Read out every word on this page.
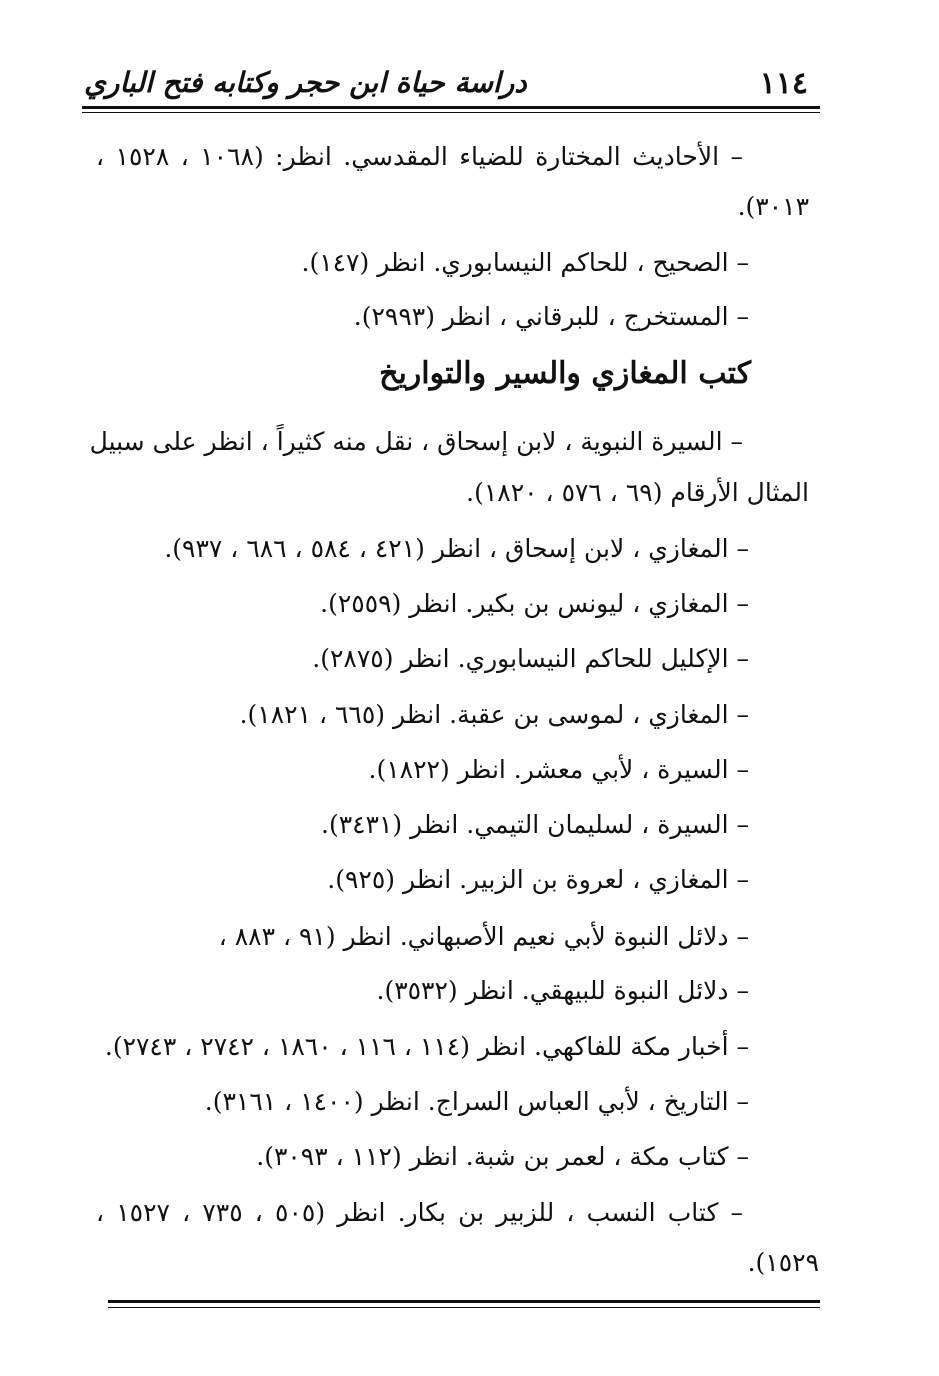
١١٤
دراسة حياة ابن حجر وكتابه فتح الباري
– الأحاديث المختارة للضياء المقدسي. انظر: (١٠٦٨ ، ١٥٢٨ ،
٣٠١٣).
– الصحيح ، للحاكم النيسابوري. انظر (١٤٧).
– المستخرج ، للبرقاني ، انظر (٢٩٩٣).
كتب المغازي والسير والتواريخ
– السيرة النبوية ، لابن إسحاق ، نقل منه كثيراً ، انظر على سبيل
المثال الأرقام (٦٩ ، ٥٧٦ ، ١٨٢٠).
– المغازي ، لابن إسحاق ، انظر (٤٢١ ، ٥٨٤ ، ٦٨٦ ، ٩٣٧).
– المغازي ، ليونس بن بكير. انظر (٢٥٥٩).
– الإكليل للحاكم النيسابوري. انظر (٢٨٧٥).
– المغازي ، لموسى بن عقبة. انظر (٦٦٥ ، ١٨٢١).
– السيرة ، لأبي معشر. انظر (١٨٢٢).
– السيرة ، لسليمان التيمي. انظر (٣٤٣١).
– المغازي ، لعروة بن الزبير. انظر (٩٢٥).
– دلائل النبوة لأبي نعيم الأصبهاني. انظر (٩١ ، ٨٨٣ ،
– دلائل النبوة للبيهقي. انظر (٣٥٣٢).
– أخبار مكة للفاكهي. انظر (١١٤ ، ١١٦ ، ١٨٦٠ ، ٢٧٤٢ ، ٢٧٤٣).
– التاريخ ، لأبي العباس السراج. انظر (١٤٠٠ ، ٣١٦١).
– كتاب مكة ، لعمر بن شبة. انظر (١١٢ ، ٣٠٩٣).
– كتاب النسب ، للزبير بن بكار. انظر (٥٠٥ ، ٧٣٥ ، ١٥٢٧ ،
١٥٢٩).
